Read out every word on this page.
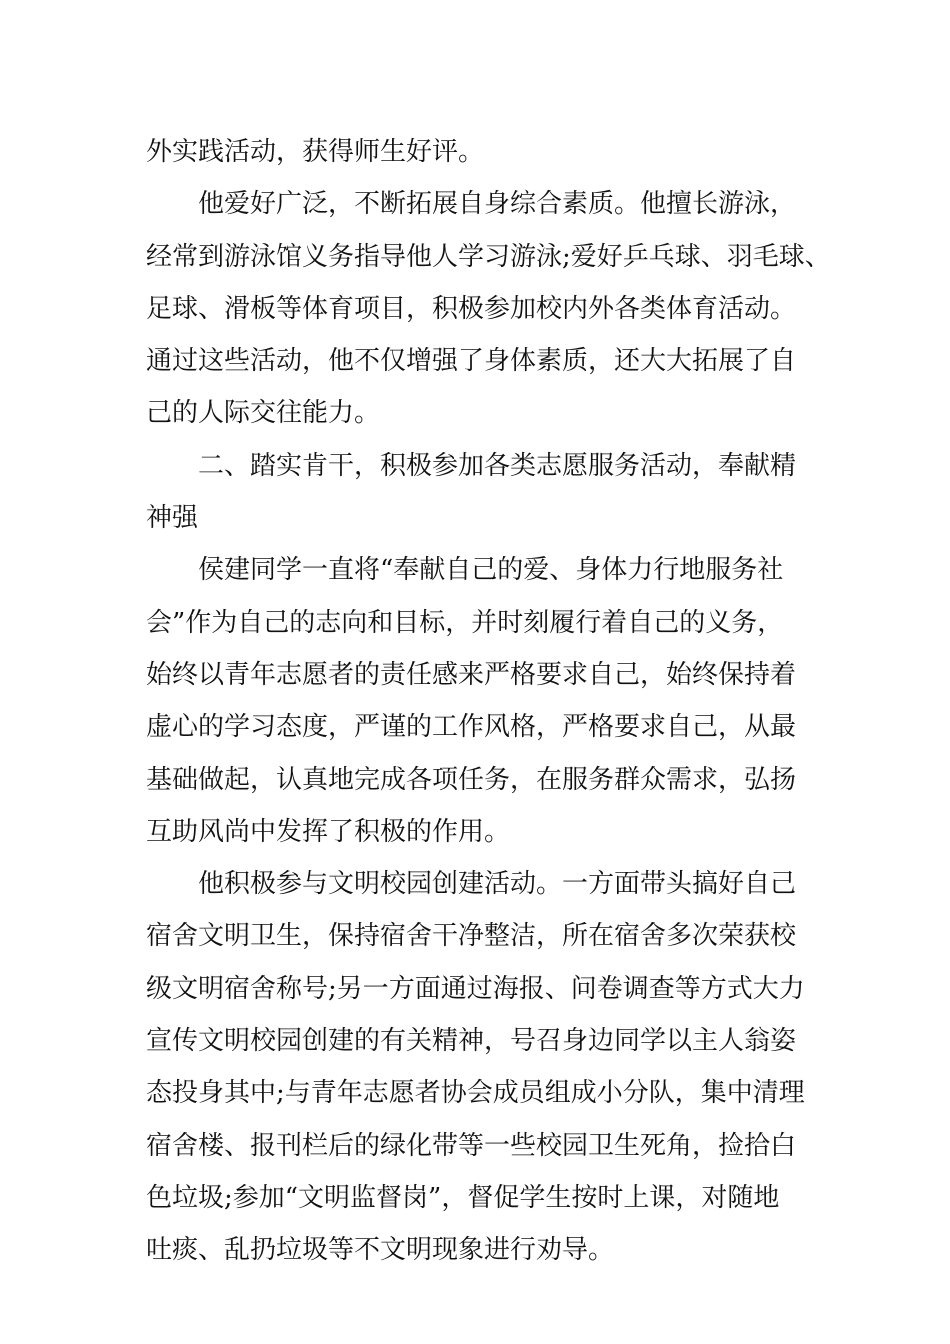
外实践活动，获得师生好评。

他爱好广泛，不断拓展自身综合素质。他擅长游泳，
经常到游泳馆义务指导他人学习游泳;爱好乒乓球、羽毛球、
足球、滑板等体育项目，积极参加校内外各类体育活动。
通过这些活动，他不仅增强了身体素质，还大大拓展了自
己的人际交往能力。

二、踏实肯干，积极参加各类志愿服务活动，奉献精
神强

侯建同学一直将“奉献自己的爱、身体力行地服务社
会”作为自己的志向和目标，并时刻履行着自己的义务，
始终以青年志愿者的责任感来严格要求自己，始终保持着
虚心的学习态度，严谨的工作风格，严格要求自己，从最
基础做起，认真地完成各项任务，在服务群众需求，弘扬
互助风尚中发挥了积极的作用。

他积极参与文明校园创建活动。一方面带头搞好自己
宿舍文明卫生，保持宿舍干净整洁，所在宿舍多次荣获校
级文明宿舍称号;另一方面通过海报、问卷调查等方式大力
宣传文明校园创建的有关精神，号召身边同学以主人翁姿
态投身其中;与青年志愿者协会成员组成小分队，集中清理
宿舍楼、报刊栏后的绿化带等一些校园卫生死角，捡拾白
色垃圾;参加“文明监督岗”，督促学生按时上课，对随地
吐痰、乱扔垃圾等不文明现象进行劝导。
